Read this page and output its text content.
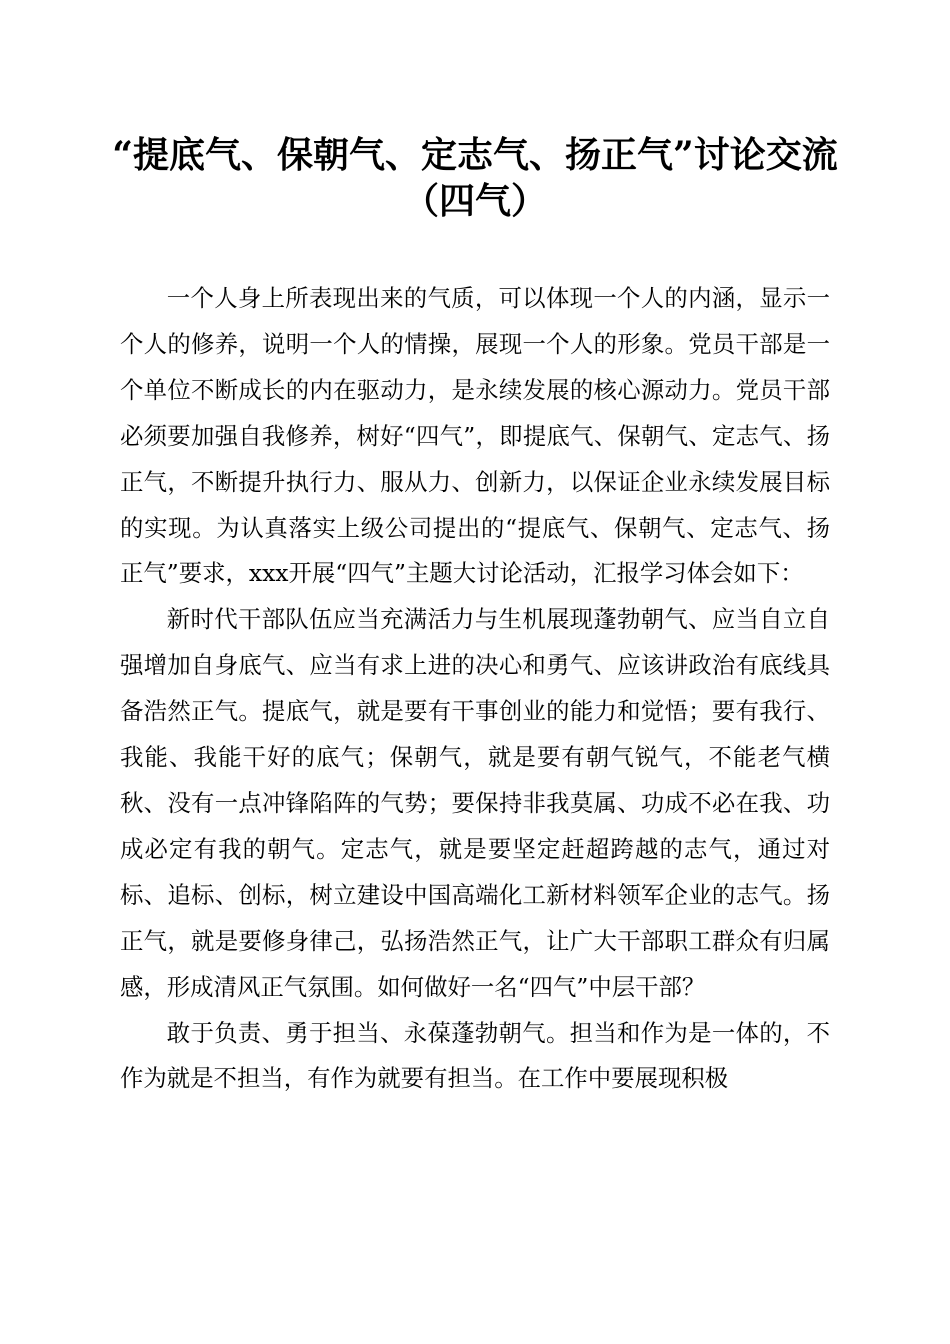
“提底气、保朝气、定志气、扬正气”讨论交流（四气）

一个人身上所表现出来的气质，可以体现一个人的内涵，显示一个人的修养，说明一个人的情操，展现一个人的形象。党员干部是一个单位不断成长的内在驱动力，是永续发展的核心源动力。党员干部必须要加强自我修养，树好“四气”，即提底气、保朝气、定志气、扬正气，不断提升执行力、服从力、创新力，以保证企业永续发展目标的实现。为认真落实上级公司提出的“提底气、保朝气、定志气、扬正气”要求，xxx开展“四气”主题大讨论活动，汇报学习体会如下：

新时代干部队伍应当充满活力与生机展现蓬勃朝气、应当自立自强增加自身底气、应当有求上进的决心和勇气、应该讲政治有底线具备浩然正气。提底气，就是要有干事创业的能力和觉悟；要有我行、我能、我能干好的底气；保朝气，就是要有朝气锐气，不能老气横秋、没有一点冲锋陷阵的气势；要保持非我莫属、功成不必在我、功成必定有我的朝气。定志气，就是要坚定赶超跨越的志气，通过对标、追标、创标，树立建设中国高端化工新材料领军企业的志气。扬正气，就是要修身律己，弘扬浩然正气，让广大干部职工群众有归属感，形成清风正气氛围。如何做好一名“四气”中层干部？

敢于负责、勇于担当、永葆蓬勃朝气。担当和作为是一体的，不作为就是不担当，有作为就要有担当。在工作中要展现积极
